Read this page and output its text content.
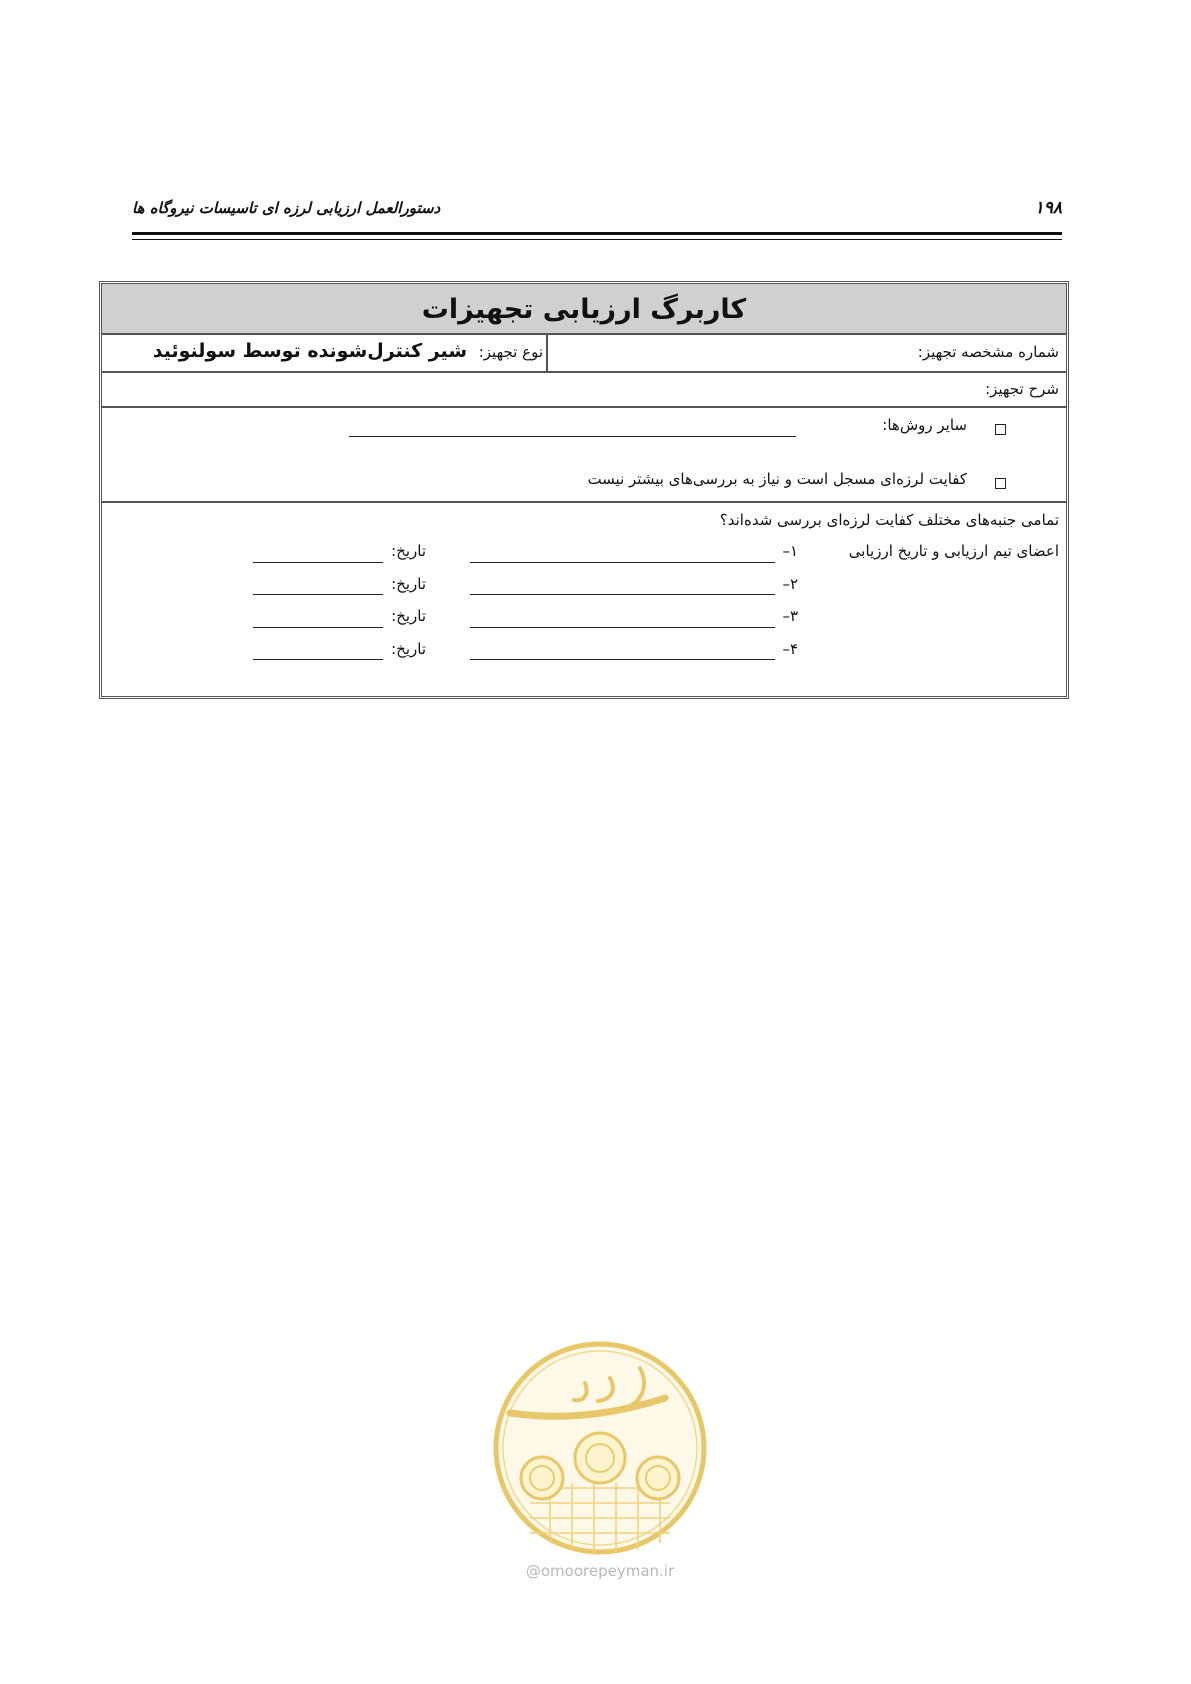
۱۹۸
دستورالعمل ارزیابی لرزه ای تاسیسات نیروگاه ها
کاربرگ ارزیابی تجهیزات
شماره مشخصه تجهیز:
نوع تجهیز:
شیر کنترل‌شونده توسط سولنوئید
شرح تجهیز:
سایر روش‌ها:
کفایت لرزه‌ای مسجل است و نیاز به بررسی‌های بیشتر نیست
تمامی جنبه‌های مختلف کفایت لرزه‌ای بررسی شده‌اند؟
اعضای تیم ارزیابی و تاریخ ارزیابی
۱–
تاریخ:
۲–
تاریخ:
۳–
تاریخ:
۴–
تاریخ:
@omoorepeyman.ir
